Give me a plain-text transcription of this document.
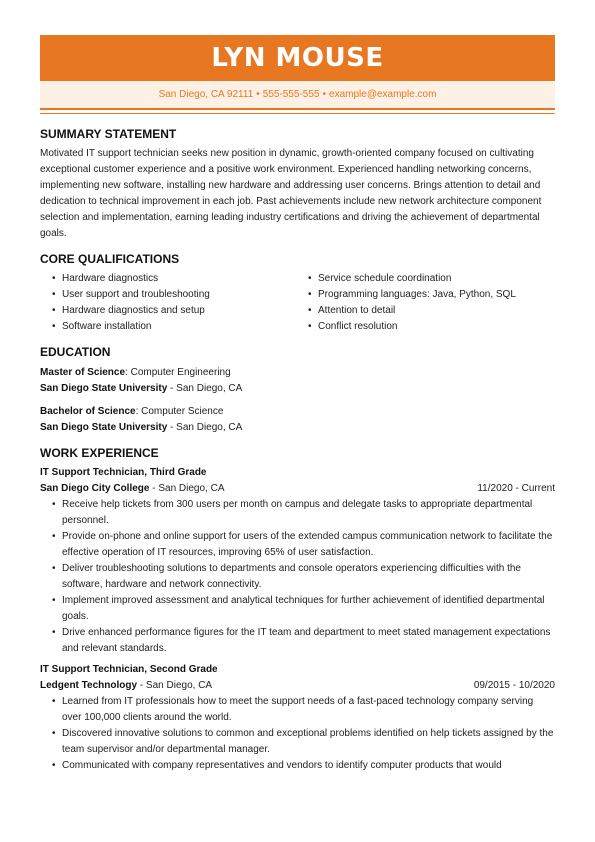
LYN MOUSE
San Diego, CA 92111 • 555-555-555 • example@example.com
SUMMARY STATEMENT

Motivated IT support technician seeks new position in dynamic, growth-oriented company focused on cultivating exceptional customer experience and a positive work environment. Experienced handling networking concerns, implementing new software, installing new hardware and addressing user concerns. Brings attention to detail and dedication to technical improvement in each job. Past achievements include new network architecture component selection and implementation, earning leading industry certifications and driving the achievement of departmental goals.

CORE QUALIFICATIONS
• Hardware diagnostics
• User support and troubleshooting
• Hardware diagnostics and setup
• Software installation
• Service schedule coordination
• Programming languages: Java, Python, SQL
• Attention to detail
• Conflict resolution
EDUCATION
Master of Science: Computer Engineering
San Diego State University - San Diego, CA
Bachelor of Science: Computer Science
San Diego State University - San Diego, CA
WORK EXPERIENCE
IT Support Technician, Third Grade
San Diego City College - San Diego, CA	11/2020 - Current
• Receive help tickets from 300 users per month on campus and delegate tasks to appropriate departmental personnel.
• Provide on-phone and online support for users of the extended campus communication network to facilitate the effective operation of IT resources, improving 65% of user satisfaction.
• Deliver troubleshooting solutions to departments and console operators experiencing difficulties with the software, hardware and network connectivity.
• Implement improved assessment and analytical techniques for further achievement of identified departmental goals.
• Drive enhanced performance figures for the IT team and department to meet stated management expectations and relevant standards.
IT Support Technician, Second Grade
Ledgent Technology - San Diego, CA	09/2015 - 10/2020
• Learned from IT professionals how to meet the support needs of a fast-paced technology company serving over 100,000 clients around the world.
• Discovered innovative solutions to common and exceptional problems identified on help tickets assigned by the team supervisor and/or departmental manager.
• Communicated with company representatives and vendors to identify computer products that would
